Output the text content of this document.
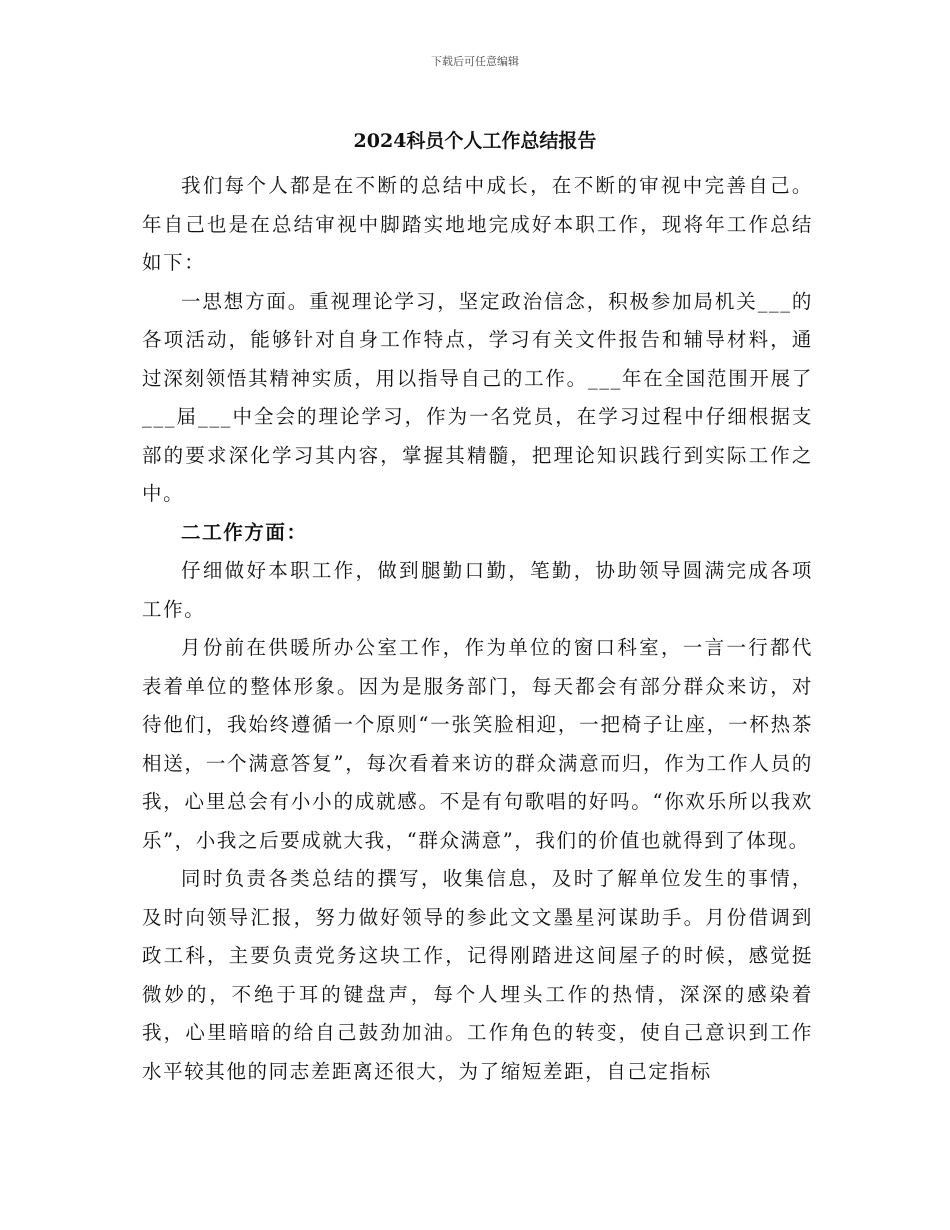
下载后可任意编辑
2024科员个人工作总结报告

我们每个人都是在不断的总结中成长，在不断的审视中完善自己。年自己也是在总结审视中脚踏实地地完成好本职工作，现将年工作总结如下：

一思想方面。重视理论学习，坚定政治信念，积极参加局机关___的各项活动，能够针对自身工作特点，学习有关文件报告和辅导材料，通过深刻领悟其精神实质，用以指导自己的工作。___年在全国范围开展了___届___中全会的理论学习，作为一名党员，在学习过程中仔细根据支部的要求深化学习其内容，掌握其精髓，把理论知识践行到实际工作之中。

二工作方面：

仔细做好本职工作，做到腿勤口勤，笔勤，协助领导圆满完成各项工作。

月份前在供暖所办公室工作，作为单位的窗口科室，一言一行都代表着单位的整体形象。因为是服务部门，每天都会有部分群众来访，对待他们，我始终遵循一个原则“一张笑脸相迎，一把椅子让座，一杯热茶相送，一个满意答复”，每次看着来访的群众满意而归，作为工作人员的我，心里总会有小小的成就感。不是有句歌唱的好吗。“你欢乐所以我欢乐”，小我之后要成就大我，“群众满意”，我们的价值也就得到了体现。

同时负责各类总结的撰写，收集信息，及时了解单位发生的事情，及时向领导汇报，努力做好领导的参此文文墨星河谋助手。月份借调到政工科，主要负责党务这块工作，记得刚踏进这间屋子的时候，感觉挺微妙的，不绝于耳的键盘声，每个人埋头工作的热情，深深的感染着我，心里暗暗的给自己鼓劲加油。工作角色的转变，使自己意识到工作水平较其他的同志差距离还很大，为了缩短差距，自己定指标
